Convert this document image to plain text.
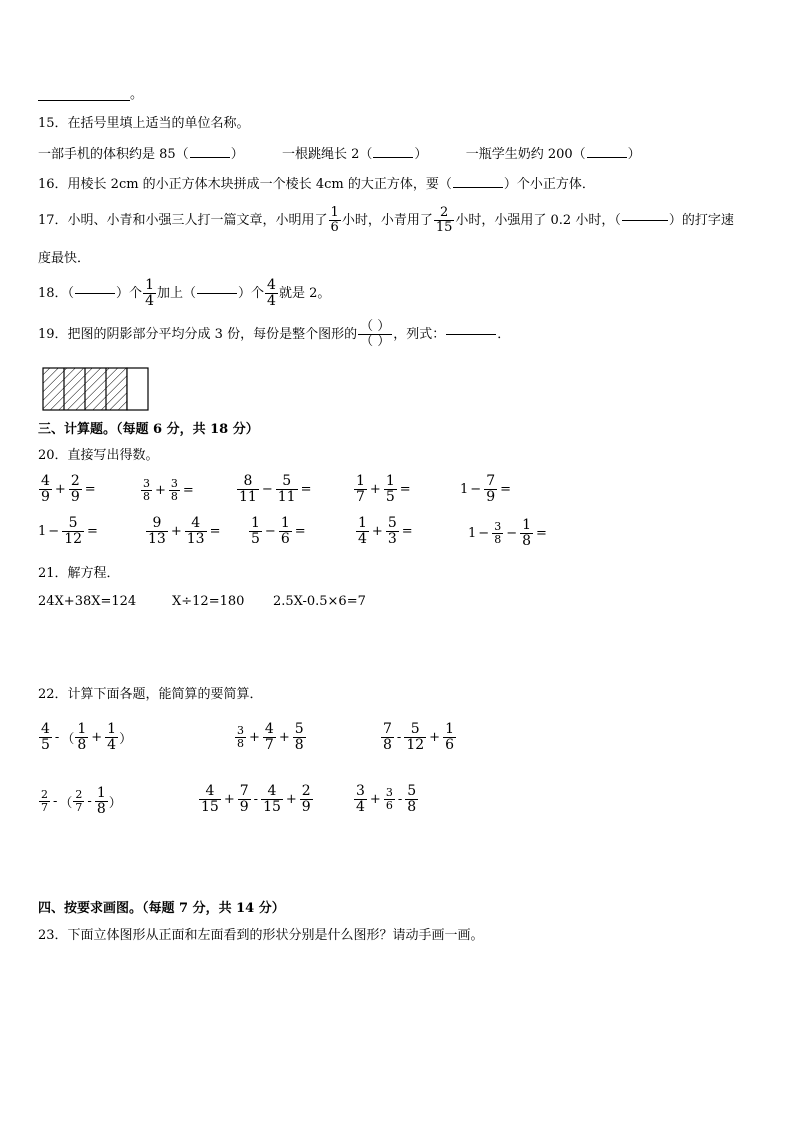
。
15．在括号里填上适当的单位名称。
一部手机的体积约是 85（	）	一根跳绳长 2（	）	一瓶学生奶约 200（	）
16．用棱长 2cm 的小正方体木块拼成一个棱长 4cm 的大正方体，要（	）个小正方体．
17．小明、小青和小强三人打一篇文章，小明用了 $\frac{1}{6}$ 小时，小青用了 $\frac{2}{15}$ 小时，小强用了 0.2 小时，（	）的打字速
度最快．
18．（	）个 $\frac{1}{4}$ 加上（	）个 $\frac{4}{4}$ 就是 2。
19．把图的阴影部分平均分成 3 份，每份是整个图形的 $\frac{( )}{( )}$ ，列式：	．
三、计算题。（每题 6 分，共 18 分）
20．直接写出得数。
$\frac{4}{9} + \frac{2}{9}$ =	$\frac{3}{8} + \frac{3}{8}$ =	$\frac{8}{11} - \frac{5}{11}$ =	$\frac{1}{7} + \frac{1}{5}$ =	$1 - \frac{7}{9}$ =
$1 - \frac{5}{12}$ =	$\frac{9}{13} + \frac{4}{13} = \frac{1}{5} - \frac{1}{6}$ =	$\frac{1}{4} + \frac{5}{3}$ =	$1 - \frac{3}{8} - \frac{1}{8}$ =
21．解方程．
24X+38X=124	X÷12=180 2.5X-0.5×6=7
22．计算下面各题，能简算的要简算．
$\frac{4}{5}$ - （ $\frac{1}{8} + \frac{1}{4}$ ）	$\frac{3}{8} + \frac{4}{7} + \frac{5}{8}$	$\frac{7}{8} - \frac{5}{12} + \frac{1}{6}$
$\frac{2}{7}$ - （ $\frac{2}{7} - \frac{1}{8}$ ）	$\frac{4}{15} + \frac{7}{9} - \frac{4}{15} + \frac{2}{9}$	$\frac{3}{4} + \frac{3}{6} - \frac{5}{8}$
四、按要求画图。（每题 7 分，共 14 分）
23．下面立体图形从正面和左面看到的形状分别是什么图形？请动手画一画。
